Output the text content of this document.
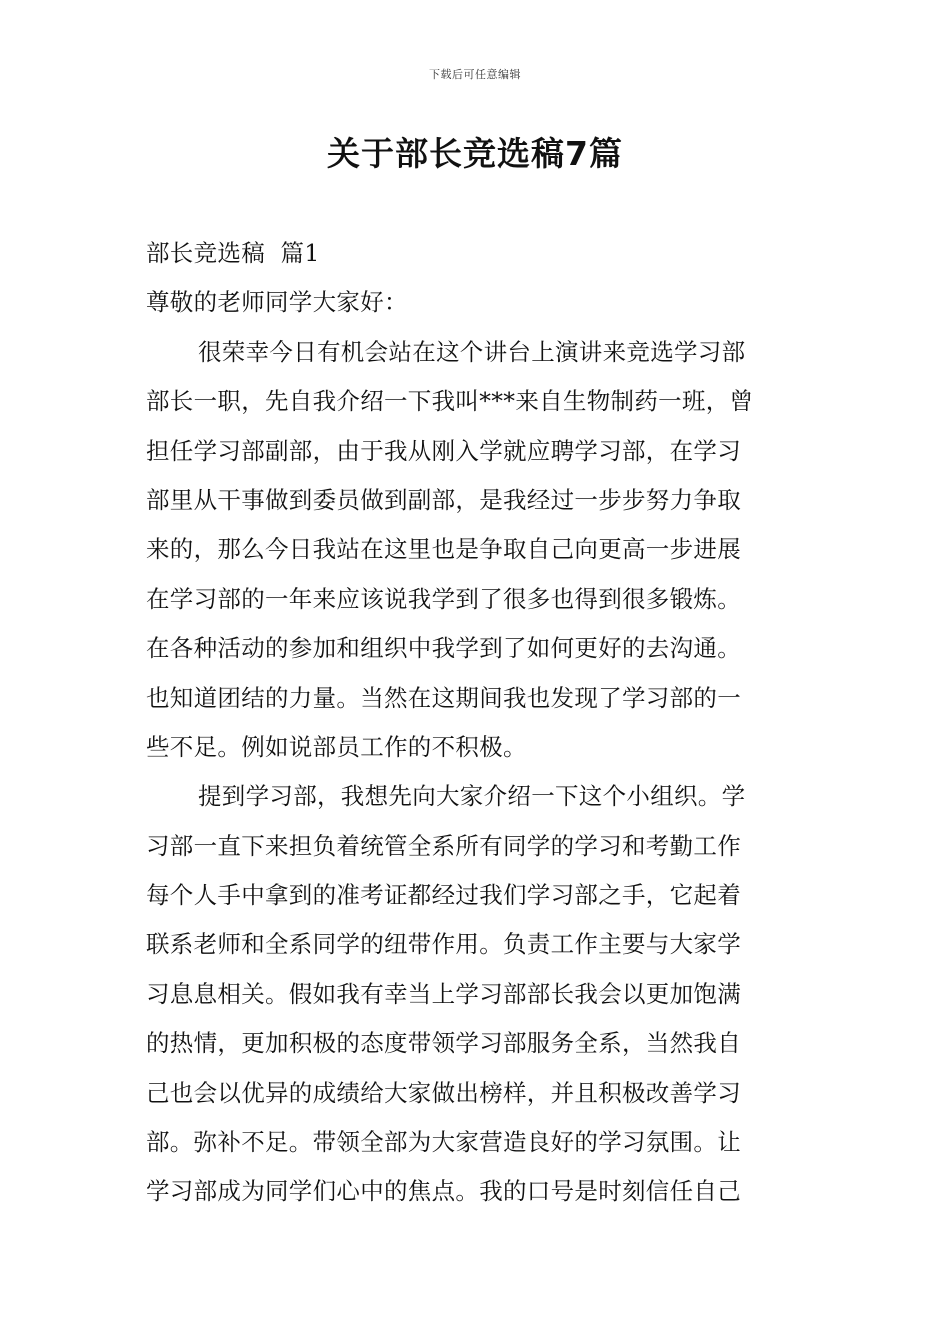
下载后可任意编辑
关于部长竞选稿7篇
部长竞选稿  篇1
尊敬的老师同学大家好：
很荣幸今日有机会站在这个讲台上演讲来竞选学习部
部长一职，先自我介绍一下我叫***来自生物制药一班，曾
担任学习部副部，由于我从刚入学就应聘学习部，在学习
部里从干事做到委员做到副部，是我经过一步步努力争取
来的，那么今日我站在这里也是争取自己向更高一步进展
在学习部的一年来应该说我学到了很多也得到很多锻炼。
在各种活动的参加和组织中我学到了如何更好的去沟通。
也知道团结的力量。当然在这期间我也发现了学习部的一
些不足。例如说部员工作的不积极。
提到学习部，我想先向大家介绍一下这个小组织。学
习部一直下来担负着统管全系所有同学的学习和考勤工作
每个人手中拿到的准考证都经过我们学习部之手，它起着
联系老师和全系同学的纽带作用。负责工作主要与大家学
习息息相关。假如我有幸当上学习部部长我会以更加饱满
的热情，更加积极的态度带领学习部服务全系，当然我自
己也会以优异的成绩给大家做出榜样，并且积极改善学习
部。弥补不足。带领全部为大家营造良好的学习氛围。让
学习部成为同学们心中的焦点。我的口号是时刻信任自己
